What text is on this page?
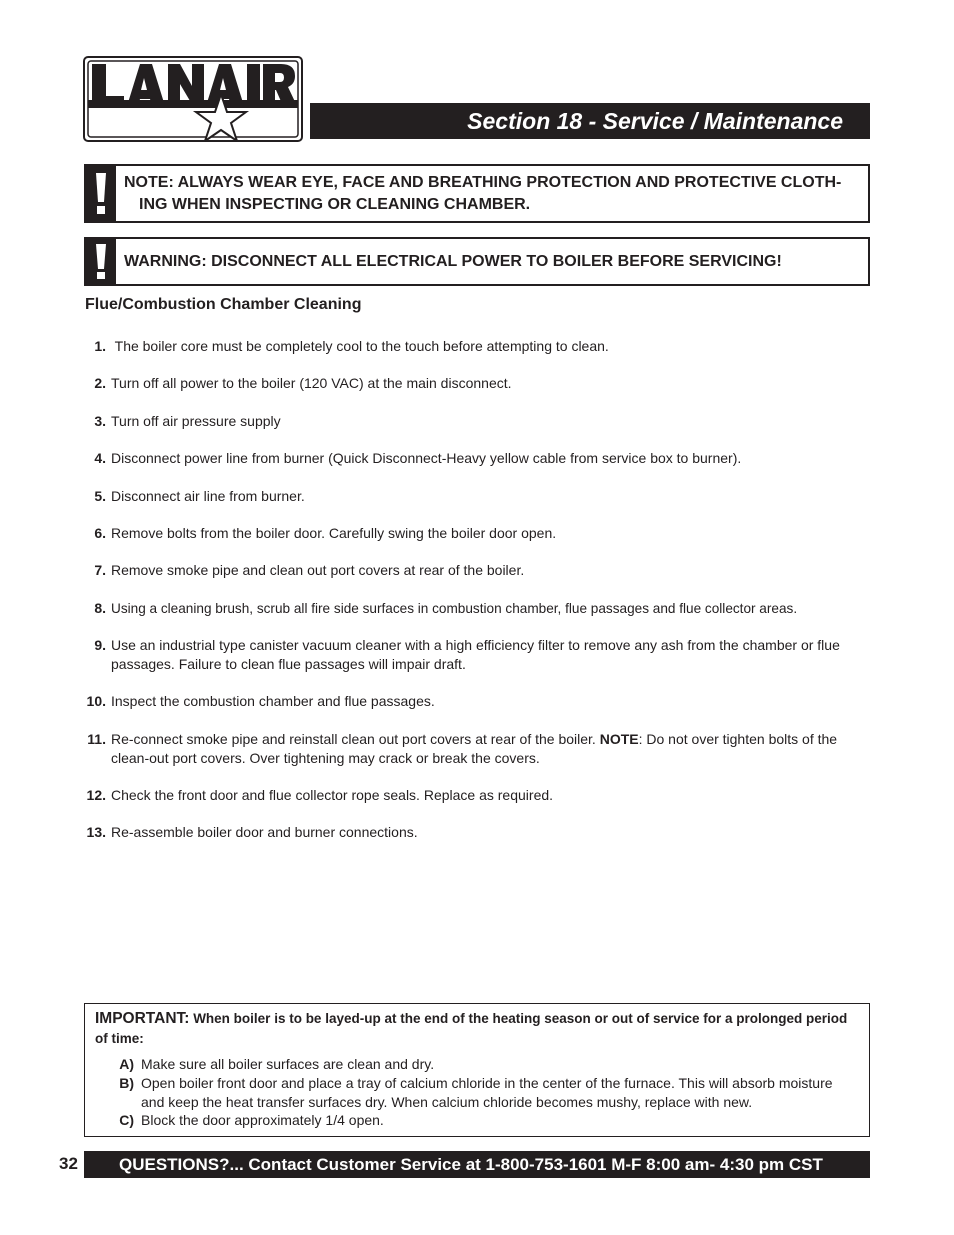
R
Section 18 - Service / Maintenance
NOTE: ALWAYS WEAR EYE, FACE AND BREATHING PROTECTION AND PROTECTIVE CLOTH-
ING WHEN INSPECTING OR CLEANING CHAMBER.
WARNING: DISCONNECT ALL ELECTRICAL POWER TO BOILER BEFORE SERVICING!
Flue/Combustion Chamber Cleaning
1. The boiler core must be completely cool to the touch before attempting to clean.
2. Turn off all power to the boiler (120 VAC) at the main disconnect.
3. Turn off air pressure supply
4. Disconnect power line from burner (Quick Disconnect-Heavy yellow cable from service box to burner).
5. Disconnect air line from burner.
6. Remove bolts from the boiler door. Carefully swing the boiler door open.
7. Remove smoke pipe and clean out port covers at rear of the boiler.
8. Using a cleaning brush, scrub all fire side surfaces in combustion chamber, flue passages and flue collector areas.
9. Use an industrial type canister vacuum cleaner with a high efficiency filter to remove any ash from the chamber or flue passages. Failure to clean flue passages will impair draft.
10. Inspect the combustion chamber and flue passages.
11. Re-connect smoke pipe and reinstall clean out port covers at rear of the boiler. NOTE: Do not over tighten bolts of the clean-out port covers. Over tightening may crack or break the covers.
12. Check the front door and flue collector rope seals. Replace as required.
13. Re-assemble boiler door and burner connections.
IMPORTANT: When boiler is to be layed-up at the end of the heating season or out of service for a prolonged period of time:
A) Make sure all boiler surfaces are clean and dry.
B) Open boiler front door and place a tray of calcium chloride in the center of the furnace. This will absorb moisture and keep the heat transfer surfaces dry. When calcium chloride becomes mushy, replace with new.
C) Block the door approximately 1/4 open.
32 QUESTIONS?... Contact Customer Service at 1-800-753-1601 M-F 8:00 am- 4:30 pm CST
